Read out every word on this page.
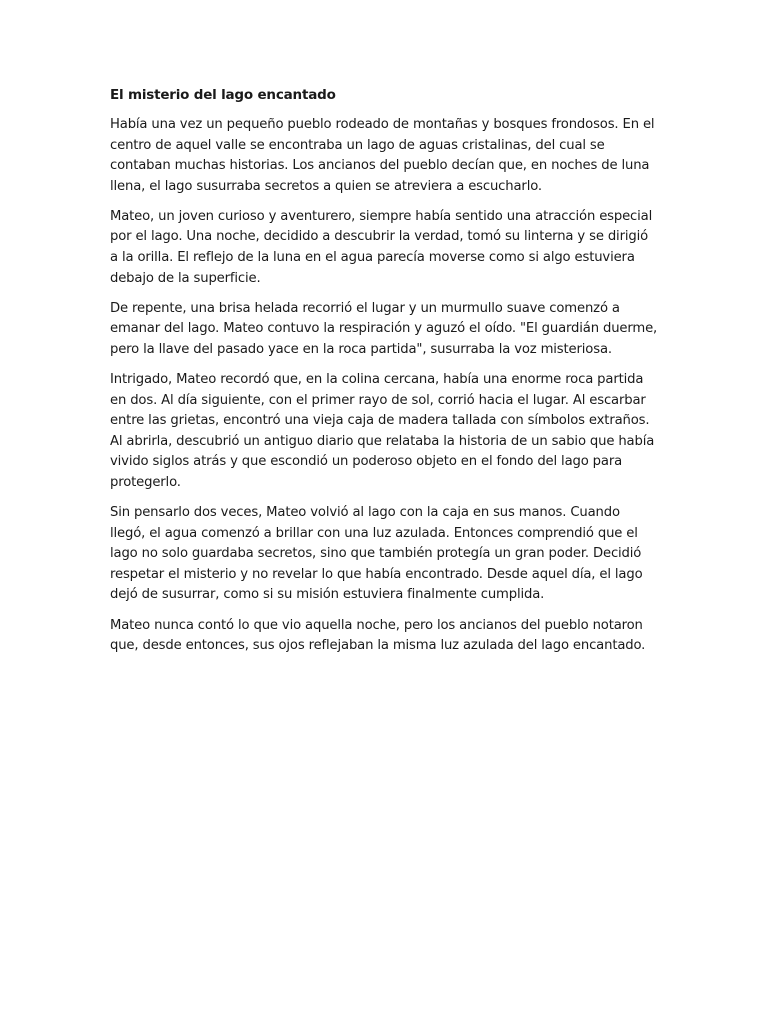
El misterio del lago encantado

Había una vez un pequeño pueblo rodeado de montañas y bosques frondosos. En el centro de aquel valle se encontraba un lago de aguas cristalinas, del cual se contaban muchas historias. Los ancianos del pueblo decían que, en noches de luna llena, el lago susurraba secretos a quien se atreviera a escucharlo.

Mateo, un joven curioso y aventurero, siempre había sentido una atracción especial por el lago. Una noche, decidido a descubrir la verdad, tomó su linterna y se dirigió a la orilla. El reflejo de la luna en el agua parecía moverse como si algo estuviera debajo de la superficie.

De repente, una brisa helada recorrió el lugar y un murmullo suave comenzó a emanar del lago. Mateo contuvo la respiración y aguzó el oído. "El guardián duerme, pero la llave del pasado yace en la roca partida", susurraba la voz misteriosa.

Intrigado, Mateo recordó que, en la colina cercana, había una enorme roca partida en dos. Al día siguiente, con el primer rayo de sol, corrió hacia el lugar. Al escarbar entre las grietas, encontró una vieja caja de madera tallada con símbolos extraños. Al abrirla, descubrió un antiguo diario que relataba la historia de un sabio que había vivido siglos atrás y que escondió un poderoso objeto en el fondo del lago para protegerlo.

Sin pensarlo dos veces, Mateo volvió al lago con la caja en sus manos. Cuando llegó, el agua comenzó a brillar con una luz azulada. Entonces comprendió que el lago no solo guardaba secretos, sino que también protegía un gran poder. Decidió respetar el misterio y no revelar lo que había encontrado. Desde aquel día, el lago dejó de susurrar, como si su misión estuviera finalmente cumplida.

Mateo nunca contó lo que vio aquella noche, pero los ancianos del pueblo notaron que, desde entonces, sus ojos reflejaban la misma luz azulada del lago encantado.
